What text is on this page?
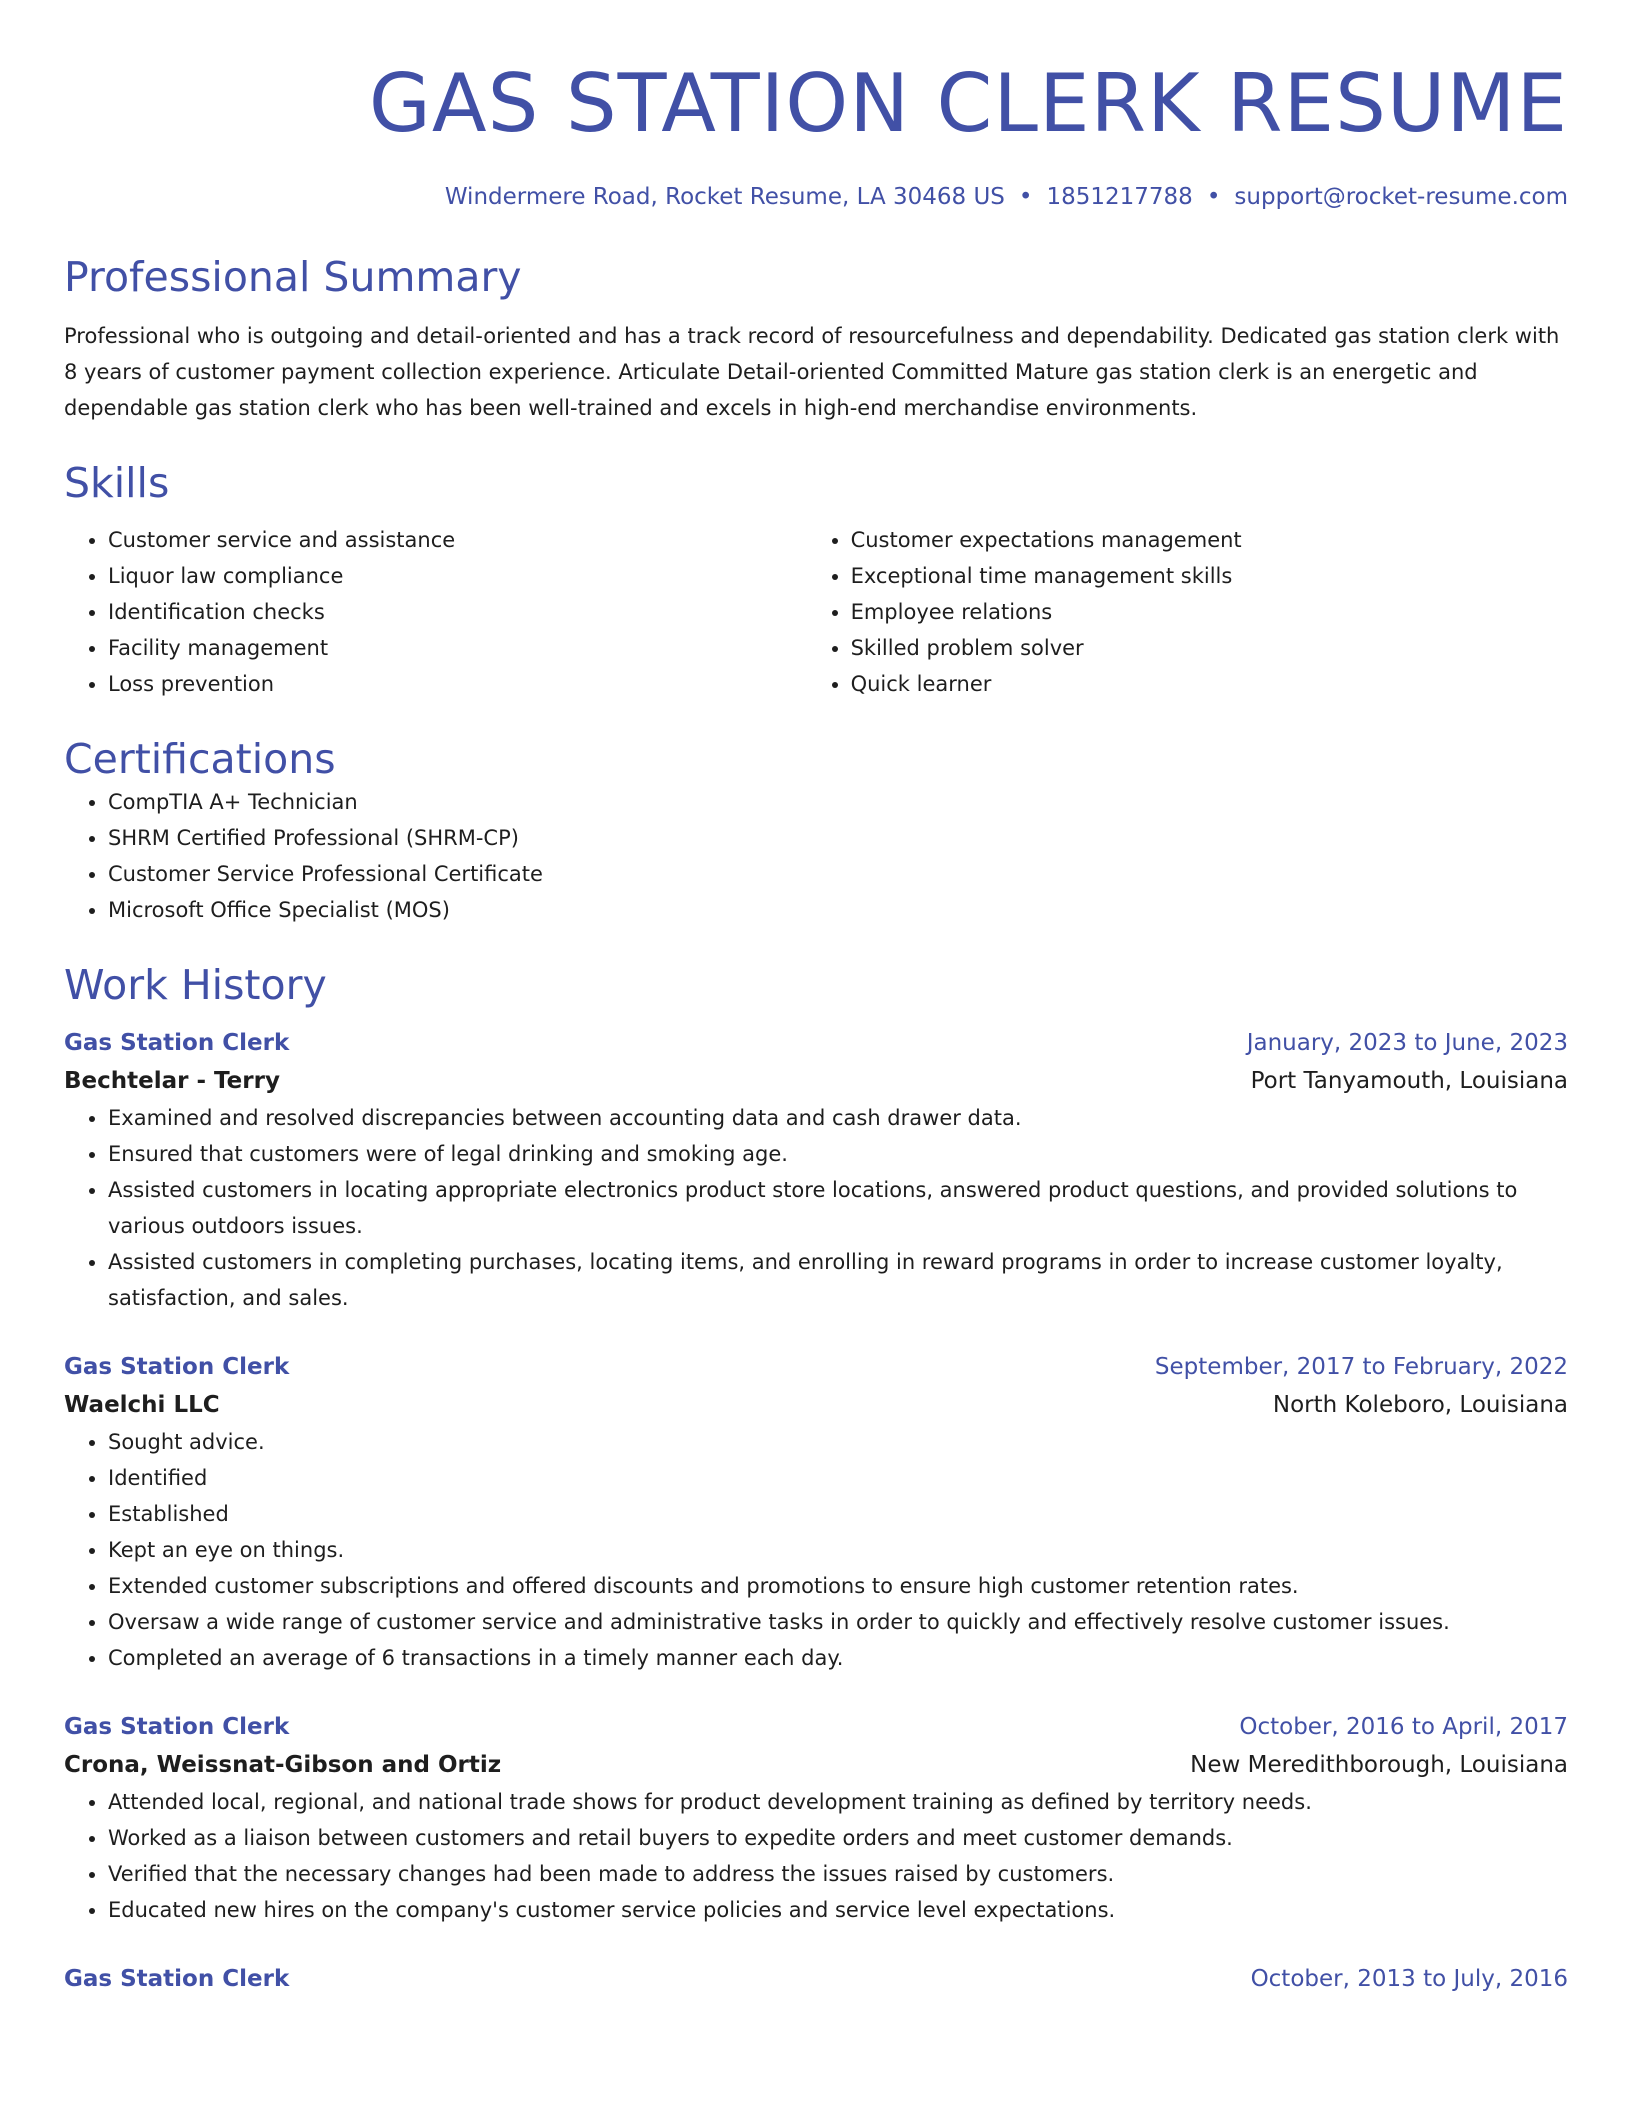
GAS STATION CLERK RESUME
Windermere Road, Rocket Resume, LA 30468 US • 1851217788 • support@rocket-resume.com
Professional Summary

Professional who is outgoing and detail-oriented and has a track record of resourcefulness and dependability. Dedicated gas station clerk with 8 years of customer payment collection experience. Articulate Detail-oriented Committed Mature gas station clerk is an energetic and dependable gas station clerk who has been well-trained and excels in high-end merchandise environments.

Skills
• Customer service and assistance
• Liquor law compliance
• Identification checks
• Facility management
• Loss prevention
• Customer expectations management
• Exceptional time management skills
• Employee relations
• Skilled problem solver
• Quick learner
Certifications
• CompTIA A+ Technician
• SHRM Certified Professional (SHRM-CP)
• Customer Service Professional Certificate
• Microsoft Office Specialist (MOS)
Work History
Gas Station Clerk	January, 2023 to June, 2023
Bechtelar - Terry	Port Tanyamouth, Louisiana
• Examined and resolved discrepancies between accounting data and cash drawer data.
• Ensured that customers were of legal drinking and smoking age.
• Assisted customers in locating appropriate electronics product store locations, answered product questions, and provided solutions to various outdoors issues.
• Assisted customers in completing purchases, locating items, and enrolling in reward programs in order to increase customer loyalty, satisfaction, and sales.
Gas Station Clerk	September, 2017 to February, 2022
Waelchi LLC	North Koleboro, Louisiana
• Sought advice.
• Identified
• Established
• Kept an eye on things.
• Extended customer subscriptions and offered discounts and promotions to ensure high customer retention rates.
• Oversaw a wide range of customer service and administrative tasks in order to quickly and effectively resolve customer issues.
• Completed an average of 6 transactions in a timely manner each day.
Gas Station Clerk	October, 2016 to April, 2017
Crona, Weissnat-Gibson and Ortiz	New Meredithborough, Louisiana
• Attended local, regional, and national trade shows for product development training as defined by territory needs.
• Worked as a liaison between customers and retail buyers to expedite orders and meet customer demands.
• Verified that the necessary changes had been made to address the issues raised by customers.
• Educated new hires on the company's customer service policies and service level expectations.
Gas Station Clerk	October, 2013 to July, 2016
